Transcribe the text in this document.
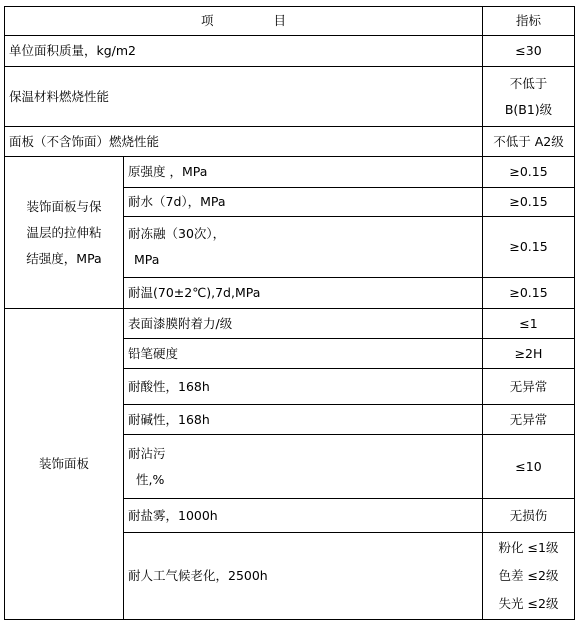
项 目		指标
单位面积质量，kg/m2		≤30
保温材料燃烧性能		不低于
B(B1)级

面板（不含饰面）燃烧性能		不低于 A2级
装饰面板与保
温层的拉伸粘
结强度，MPa	原强度 ，MPa	≥0.15
	耐水（7d），MPa	≥0.15

	耐冻融（30次），
MPa	≥0.15
	耐温(70±2℃),7d,MPa	≥0.15
装饰面板	表面漆膜附着力/级	≤1
	铅笔硬度	≥2H
	耐酸性，168h	无异常
	耐碱性，168h	无异常

	耐沾污
性,%	≤10
	耐盐雾，1000h	无损伤
	耐人工气候老化，2500h	粉化 ≤1级
色差 ≤2级
失光 ≤2级
